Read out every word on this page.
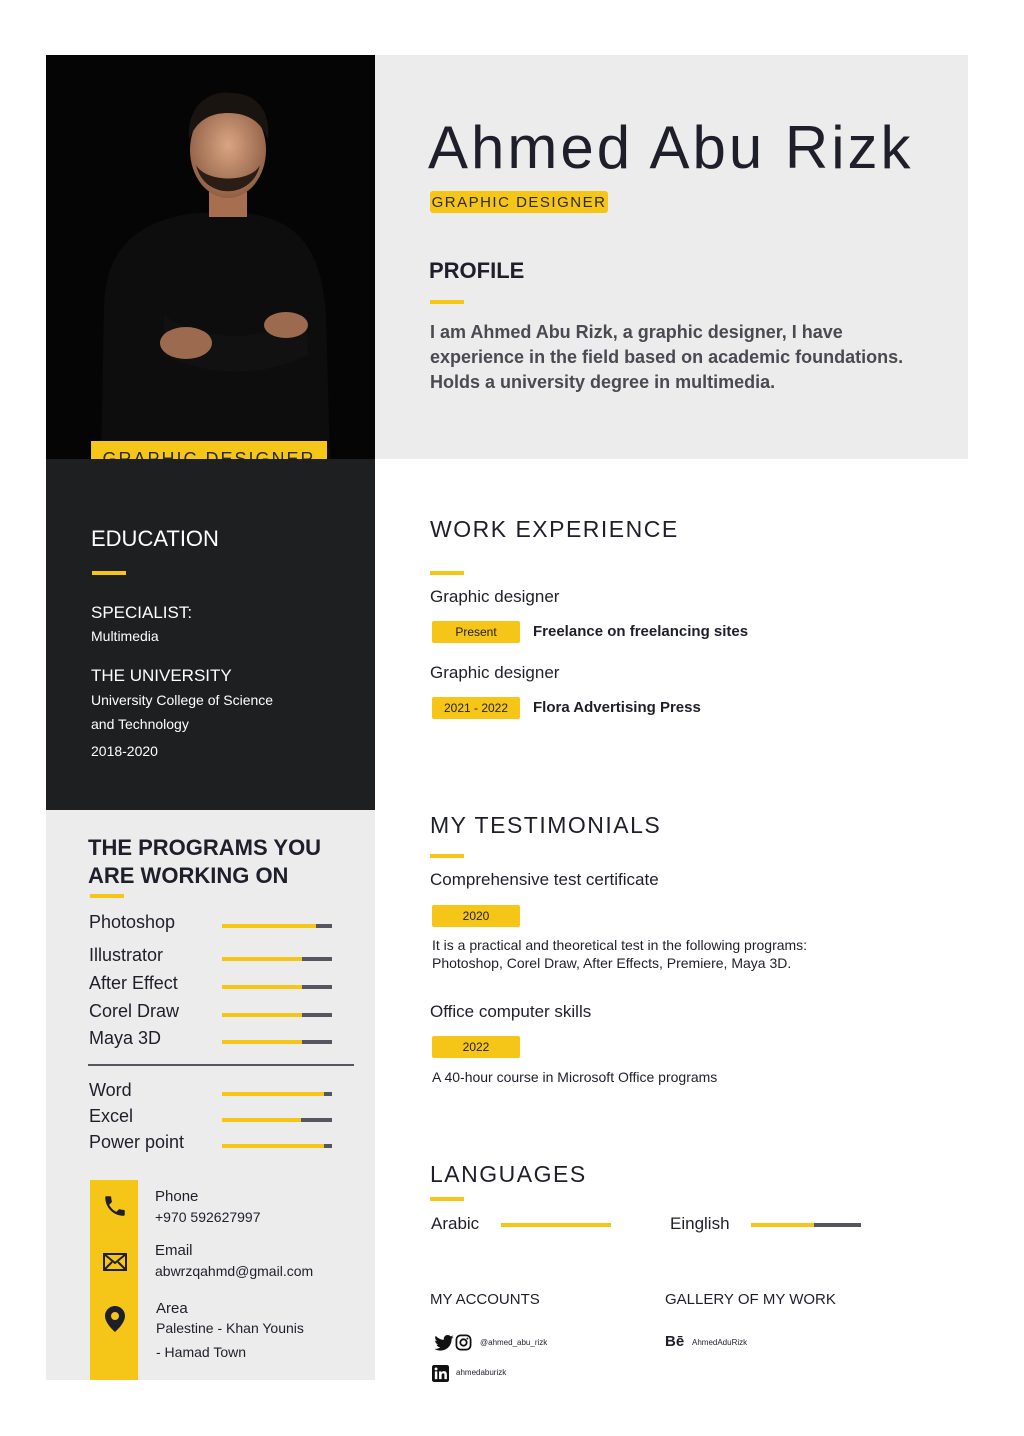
EDUCATION
SPECIALIST:
Multimedia
THE UNIVERSITY
University College of Science
and Technology
2018-2020
THE PROGRAMS YOU
ARE WORKING ON
Photoshop
Illustrator
After Effect
Corel Draw
Maya 3D
Word
Excel
Power point
Phone
+970 592627997
Email
abwrzqahmd@gmail.com
Area
Palestine - Khan Younis
- Hamad Town
Ahmed Abu Rizk
GRAPHIC DESIGNER
PROFILE
I am Ahmed Abu Rizk, a graphic designer, I have experience in the field based on academic foundations. Holds a university degree in multimedia.
WORK EXPERIENCE
Graphic designer
Present	Freelance on freelancing sites
Graphic designer
2021 - 2022	Flora Advertising Press
MY TESTIMONIALS
Comprehensive test certificate
2020
It is a practical and theoretical test in the following programs:
Photoshop, Corel Draw, After Effects, Premiere, Maya 3D.
Office computer skills
2022
A 40-hour course in Microsoft Office programs
LANGUAGES
Arabic	Einglish
MY ACCOUNTS
@ahmed_abu_rizk
ahmedaburizk
GALLERY OF MY WORK
Bē AhmedAduRizk
